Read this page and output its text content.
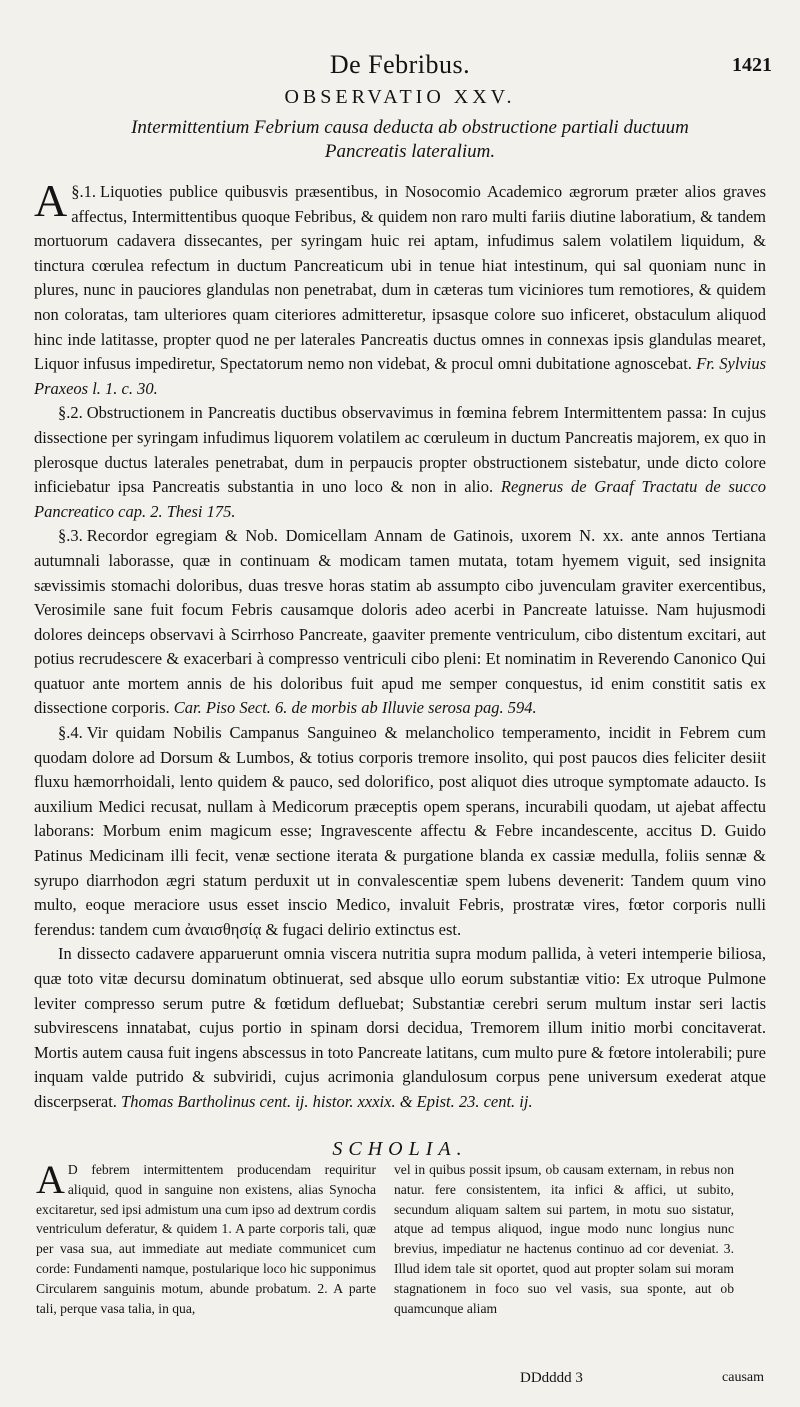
De Febribus.	1421
OBSERVATIO XXV.
Intermittentium Febrium causa deducta ab obstructione partiali ductuum Pancreatis lateralium.

§.1.
A Liquoties publice quibusvis præsentibus, in Nosocomio Academico ægrorum præter alios graves affectus, Intermittentibus quoque Febribus, & quidem non raro multi fariis diutine laboratium, & tandem mortuorum cadavera dissecantes, per syringam huic rei aptam, infudimus salem volatilem liquidum, & tinctura cœrulea refectum in ductum Pancreaticum ubi in tenue hiat intestinum, qui sal quoniam nunc in plures, nunc in pauciores glandulas non penetrabat, dum in cæteras tum viciniores tum remotiores, & quidem non coloratas, tam ulteriores quam citeriores admitteretur, ipsasque colore suo inficeret, obstaculum aliquod hinc inde latitasse, propter quod ne per laterales Pancreatis ductus omnes in connexas ipsis glandulas mearet, Liquor infusus impediretur, Spectatorum nemo non videbat, & procul omni dubitatione agnoscebat. Fr. Sylvius Praxeos l. 1. c. 30.

§.2. Obstructionem in Pancreatis ductibus observavimus in fœmina febrem Intermittentem passa: In cujus dissectione per syringam infudimus liquorem volatilem ac cœruleum in ductum Pancreatis majorem, ex quo in plerosque ductus laterales penetrabat, dum in perpaucis propter obstructionem sistebatur, unde dicto colore inficiebatur ipsa Pancreatis substantia in uno loco & non in alio. Regnerus de Graaf Tractatu de succo Pancreatico cap. 2. Thesi 175.

§.3. Recordor egregiam & Nob. Domicellam Annam de Gatinois, uxorem N. xx. ante annos Tertiana autumnali laborasse, quæ in continuam & modicam tamen mutata, totam hyemem viguit, sed insignita sævissimis stomachi doloribus, duas tresve horas statim ab assumpto cibo juvenculam graviter exercentibus, Verosimile sane fuit focum Febris causamque doloris adeo acerbi in Pancreate latuisse. Nam hujusmodi dolores deinceps observavi à Scirrhoso Pancreate, gaaviter premente ventriculum, cibo distentum excitari, aut potius recrudescere & exacerbari à compresso ventriculi cibo pleni: Et nominatim in Reverendo Canonico Qui quatuor ante mortem annis de his doloribus fuit apud me semper conquestus, id enim constitit satis ex dissectione corporis. Car. Piso Sect. 6. de morbis ab Illuvie serosa pag. 594.

§.4. Vir quidam Nobilis Campanus Sanguineo & melancholico temperamento, incidit in Febrem cum quodam dolore ad Dorsum & Lumbos, & totius corporis tremore insolito, qui post paucos dies feliciter desiit fluxu hæmorrhoidali, lento quidem & pauco, sed dolorifico, post aliquot dies utroque symptomate adaucto. Is auxilium Medici recusat, nullam à Medicorum præceptis opem sperans, incurabili quodam, ut ajebat affectu laborans: Morbum enim magicum esse; Ingravescente affectu & Febre incandescente, accitus D. Guido Patinus Medicinam illi fecit, venæ sectione iterata & purgatione blanda ex cassiæ medulla, foliis sennæ & syrupo diarrhodon ægri statum perduxit ut in convalescentiæ spem lubens devenerit: Tandem quum vino multo, eoque meraciore usus esset inscio Medico, invaluit Febris, prostratæ vires, fœtor corporis nulli ferendus: tandem cum ἀναισθησίᾳ & fugaci delirio extinctus est.

In dissecto cadavere apparuerunt omnia viscera nutritia supra modum pallida, à veteri intemperie biliosa, quæ toto vitæ decursu dominatum obtinuerat, sed absque ullo eorum substantiæ vitio: Ex utroque Pulmone leviter compresso serum putre & fœtidum defluebat; Substantiæ cerebri serum multum instar seri lactis subvirescens innatabat, cujus portio in spinam dorsi decidua, Tremorem illum initio morbi concitaverat. Mortis autem causa fuit ingens abscessus in toto Pancreate latitans, cum multo pure & fœtore intolerabili; pure inquam valde putrido & subviridi, cujus acrimonia glandulosum corpus pene universum exederat atque discerpserat. Thomas Bartholinus cent. ij. histor. xxxix. & Epist. 23. cent. ij.

SCHOLIA.

A D febrem intermittentem producendam requiritur aliquid, quod in sanguine non existens, alias Synocha excitaretur, sed ipsi admistum una cum ipso ad dextrum cordis ventriculum deferatur, & quidem 1. A parte corporis tali, quæ per vasa sua, aut immediate aut mediate communicet cum corde: Fundamenti namque, postularique loco hic supponimus Circularem sanguinis motum, abunde probatum. 2. A parte tali, perque vasa talia, in qua,

vel in quibus possit ipsum, ob causam externam, in rebus non natur. fere consistentem, ita infici & affici, ut subito, secundum aliquam saltem sui partem, in motu suo sistatur, atque ad tempus aliquod, ingue modo nunc longius nunc brevius, impediatur ne hactenus continuo ad cor deveniat. 3. Illud idem tale sit oportet, quod aut propter solam sui moram stagnationem in foco suo vel vasis, sua sponte, aut ob quamcunque aliam

DDdddd 3	causam
